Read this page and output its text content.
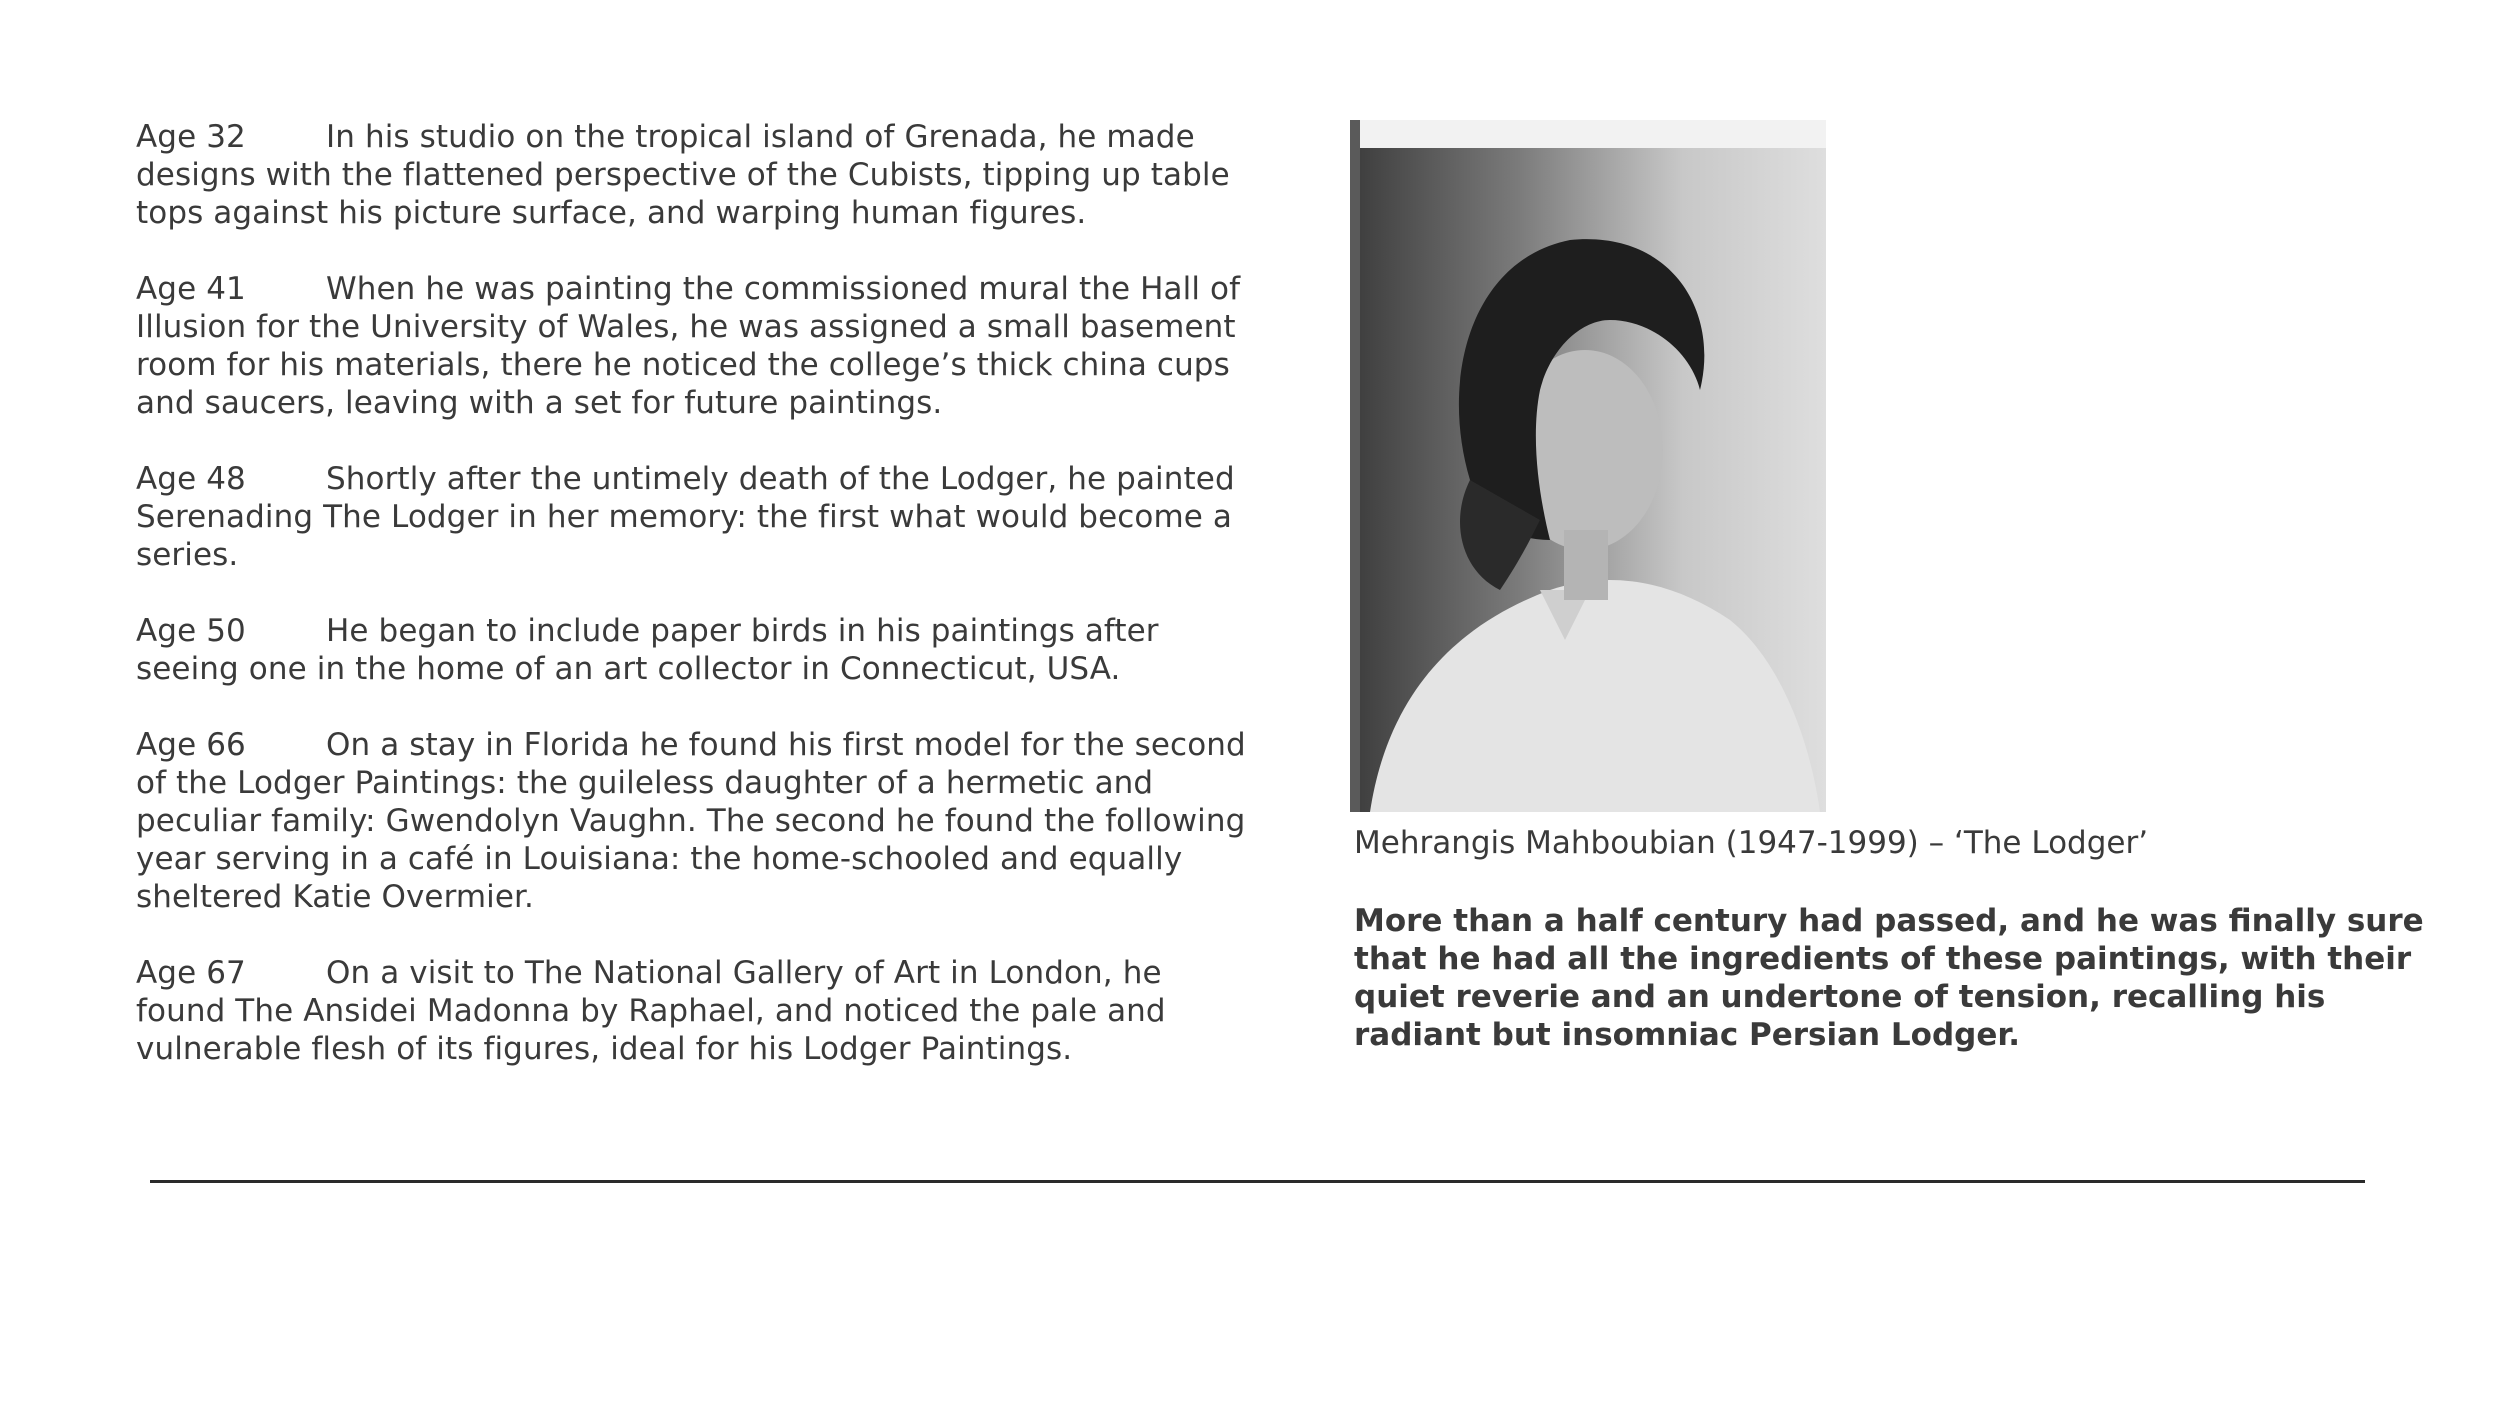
Age 32	In his studio on the tropical island of Grenada, he made designs with the flattened perspective of the Cubists, tipping up table tops against his picture surface, and warping human figures.

Age 41	When he was painting the commissioned mural the Hall of Illusion for the University of Wales, he was assigned a small basement room for his materials, there he noticed the college’s thick china cups and saucers, leaving with a set for future paintings.

Age 48	Shortly after the untimely death of the Lodger, he painted Serenading The Lodger in her memory: the first what would become a series.

Age 50	He began to include paper birds in his paintings after seeing one in the home of an art collector in Connecticut, USA.

Age 66	On a stay in Florida he found his first model for the second of the Lodger Paintings: the guileless daughter of a hermetic and peculiar family: Gwendolyn Vaughn. The second he found the following year serving in a café in Louisiana: the home-schooled and equally sheltered Katie Overmier.

Age 67	On a visit to The National Gallery of Art in London, he found The Ansidei Madonna by Raphael, and noticed the pale and vulnerable flesh of its figures, ideal for his Lodger Paintings.

Mehrangis Mahboubian (1947-1999) – ‘The Lodger’
More than a half century had passed, and he was finally sure that he had all the ingredients of these paintings, with their quiet reverie and an undertone of tension, recalling his radiant but insomniac Persian Lodger.
